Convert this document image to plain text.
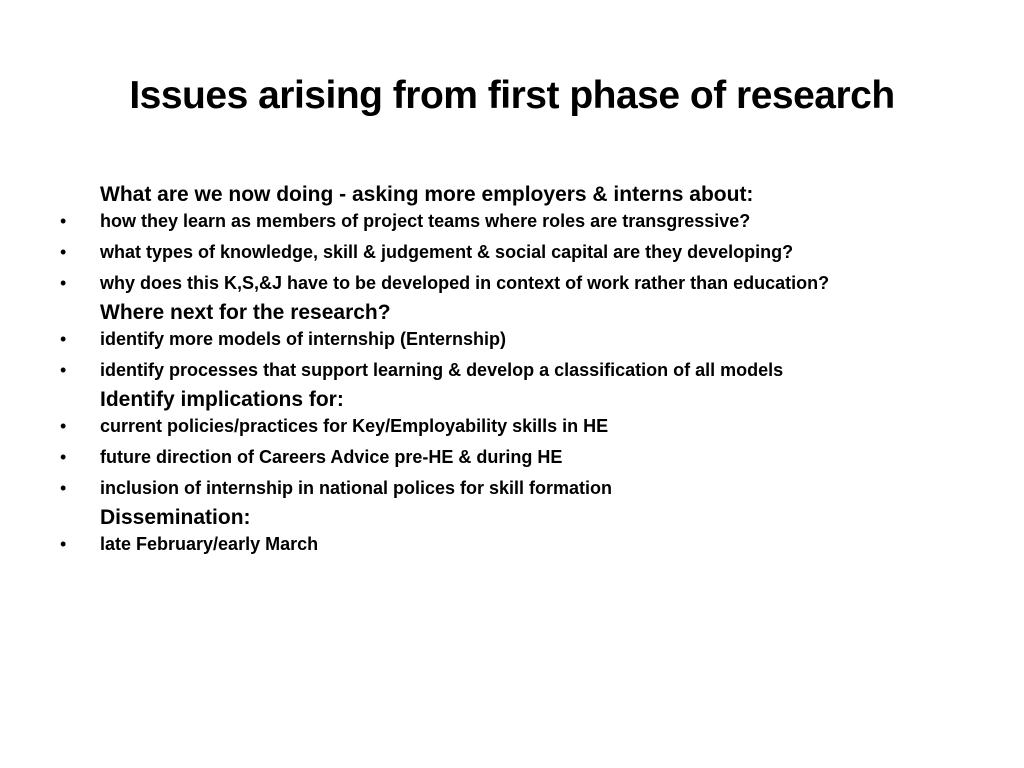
Issues arising from first phase of research

What are we now doing - asking more employers & interns about:

• how they learn as members of project teams where roles are transgressive?
• what types of knowledge, skill & judgement & social capital are they developing?
• why does this K,S,&J have to be developed in context of work rather than education?

Where next for the research?

• identify more models of internship (Enternship)
• identify processes that support learning & develop a classification of all models

Identify implications for:

• current policies/practices for Key/Employability skills in HE
• future direction of Careers Advice pre-HE & during HE
• inclusion of internship in national polices for skill formation

Dissemination:

• late February/early March
